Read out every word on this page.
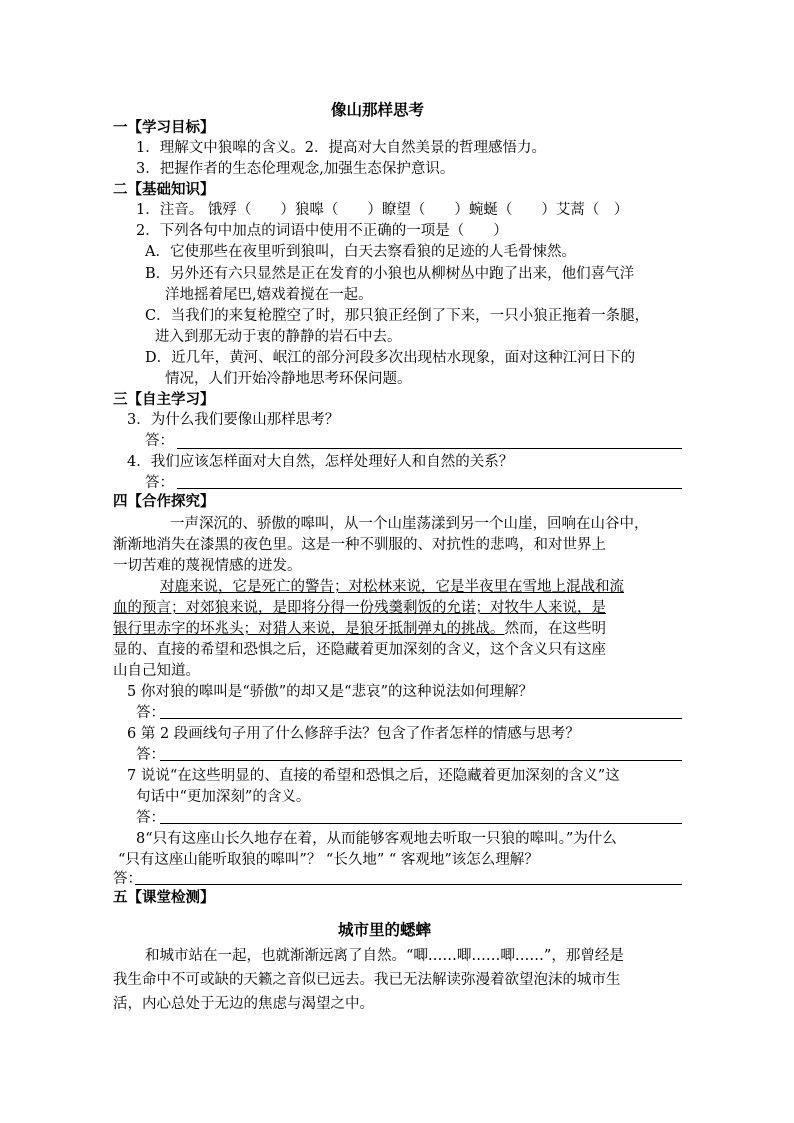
像山那样思考
一【学习目标】
1．理解文中狼嗥的含义。2．提高对大自然美景的哲理感悟力。
3．把握作者的生态伦理观念,加强生态保护意识。
二【基础知识】
1．注音。 饿殍（　　）狼嗥（　　）瞭望（　　）蜿蜒（　　）艾蒿（　）
2．下列各句中加点的词语中使用不正确的一项是（　　）
A．它使那些在夜里听到狼叫，白天去察看狼的足迹的人毛骨悚然。
B．另外还有六只显然是正在发育的小狼也从柳树丛中跑了出来，他们喜气洋
洋地摇着尾巴,嬉戏着搅在一起。
C．当我们的来复枪膛空了时，那只狼正经倒了下来，一只小狼正拖着一条腿，
进入到那无动于衷的静静的岩石中去。
D．近几年，黄河、岷江的部分河段多次出现枯水现象，面对这种江河日下的
情况，人们开始冷静地思考环保问题。
三【自主学习】
3．为什么我们要像山那样思考？
答：
4．我们应该怎样面对大自然，怎样处理好人和自然的关系？
答：
四【合作探究】
一声深沉的、骄傲的嗥叫，从一个山崖荡漾到另一个山崖，回响在山谷中，
渐渐地消失在漆黑的夜色里。这是一种不驯服的、对抗性的悲鸣，和对世界上
一切苦难的蔑视情感的迸发。
对鹿来说，它是死亡的警告；对松林来说，它是半夜里在雪地上混战和流
血的预言；对郊狼来说，是即将分得一份残羹剩饭的允诺；对牧牛人来说，是
银行里赤字的坏兆头；对猎人来说，是狼牙抵制弹丸的挑战。然而，在这些明
显的、直接的希望和恐惧之后，还隐藏着更加深刻的含义，这个含义只有这座
山自己知道。
5 你对狼的嗥叫是“骄傲”的却又是“悲哀”的这种说法如何理解？
答：
6 第 2 段画线句子用了什么修辞手法？包含了作者怎样的情感与思考？
答：
7 说说“在这些明显的、直接的希望和恐惧之后，还隐藏着更加深刻的含义”这
句话中“更加深刻”的含义。
答：
8“只有这座山长久地存在着，从而能够客观地去听取一只狼的嗥叫。”为什么
“只有这座山能听取狼的嗥叫”？ “长久地” “ 客观地”该怎么理解？
答：
五【课堂检测】
城市里的蟋蟀
和城市站在一起，也就渐渐远离了自然。“唧……唧……唧……”，那曾经是
我生命中不可或缺的天籁之音似已远去。我已无法解读弥漫着欲望泡沫的城市生
活，内心总处于无边的焦虑与渴望之中。
